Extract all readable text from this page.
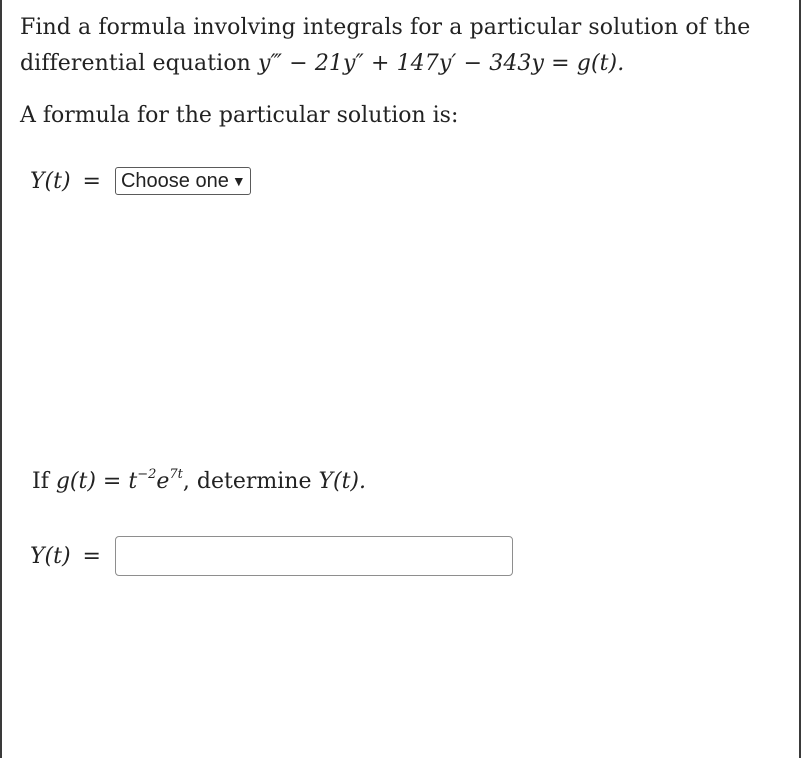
Find a formula involving integrals for a particular solution of the
differential equation y‴ − 21y″ + 147y′ − 343y = g(t).
A formula for the particular solution is:
Y(t) =	Choose one ▼
If $g(t) = t^{-2}e^{7t}$, determine Y(t).
Y(t) =
